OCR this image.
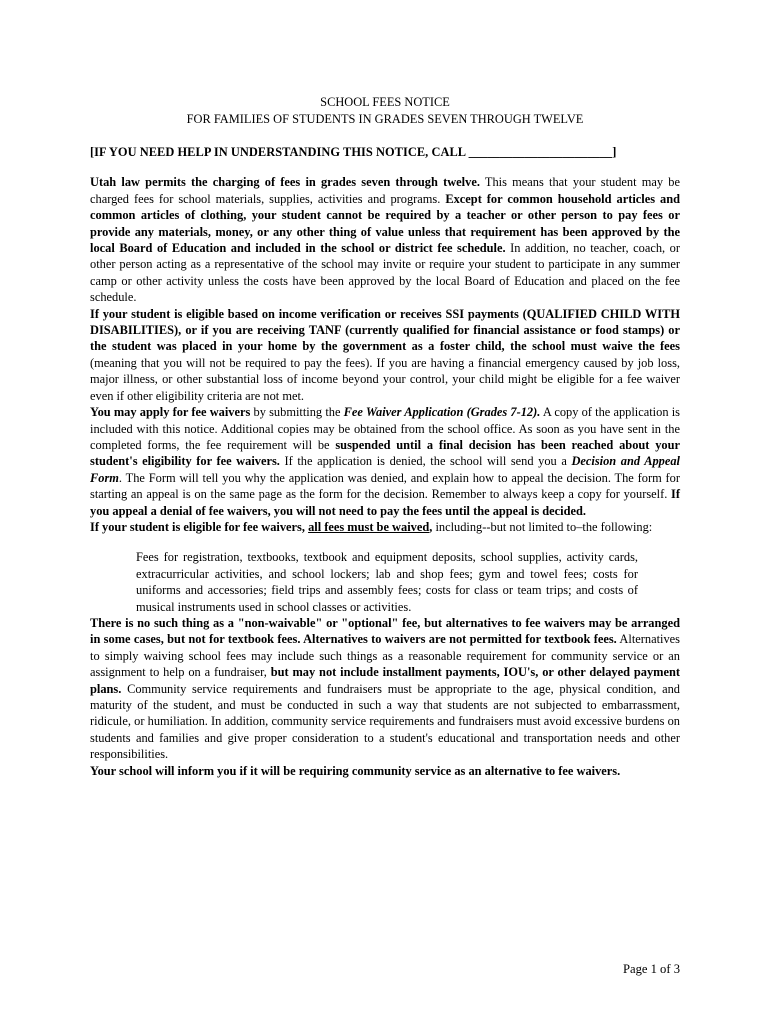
SCHOOL FEES NOTICE

FOR FAMILIES OF STUDENTS IN GRADES SEVEN THROUGH TWELVE

[IF YOU NEED HELP IN UNDERSTANDING THIS NOTICE, CALL _______________________]

Utah law permits the charging of fees in grades seven through twelve. This means that your student may be charged fees for school materials, supplies, activities and programs. Except for common household articles and common articles of clothing, your student cannot be required by a teacher or other person to pay fees or provide any materials, money, or any other thing of value unless that requirement has been approved by the local Board of Education and included in the school or district fee schedule. In addition, no teacher, coach, or other person acting as a representative of the school may invite or require your student to participate in any summer camp or other activity unless the costs have been approved by the local Board of Education and placed on the fee schedule.

If your student is eligible based on income verification or receives SSI payments (QUALIFIED CHILD WITH DISABILITIES), or if you are receiving TANF (currently qualified for financial assistance or food stamps) or the student was placed in your home by the government as a foster child, the school must waive the fees (meaning that you will not be required to pay the fees). If you are having a financial emergency caused by job loss, major illness, or other substantial loss of income beyond your control, your child might be eligible for a fee waiver even if other eligibility criteria are not met.

You may apply for fee waivers by submitting the Fee Waiver Application (Grades 7-12). A copy of the application is included with this notice. Additional copies may be obtained from the school office. As soon as you have sent in the completed forms, the fee requirement will be suspended until a final decision has been reached about your student's eligibility for fee waivers. If the application is denied, the school will send you a Decision and Appeal Form. The Form will tell you why the application was denied, and explain how to appeal the decision. The form for starting an appeal is on the same page as the form for the decision. Remember to always keep a copy for yourself. If you appeal a denial of fee waivers, you will not need to pay the fees until the appeal is decided.

If your student is eligible for fee waivers, all fees must be waived, including--but not limited to–the following:

Fees for registration, textbooks, textbook and equipment deposits, school supplies, activity cards, extracurricular activities, and school lockers; lab and shop fees; gym and towel fees; costs for uniforms and accessories; field trips and assembly fees; costs for class or team trips; and costs of musical instruments used in school classes or activities.

There is no such thing as a "non-waivable" or "optional" fee, but alternatives to fee waivers may be arranged in some cases, but not for textbook fees. Alternatives to waivers are not permitted for textbook fees. Alternatives to simply waiving school fees may include such things as a reasonable requirement for community service or an assignment to help on a fundraiser, but may not include installment payments, IOU's, or other delayed payment plans. Community service requirements and fundraisers must be appropriate to the age, physical condition, and maturity of the student, and must be conducted in such a way that students are not subjected to embarrassment, ridicule, or humiliation. In addition, community service requirements and fundraisers must avoid excessive burdens on students and families and give proper consideration to a student's educational and transportation needs and other responsibilities.

Your school will inform you if it will be requiring community service as an alternative to fee waivers.

Page 1 of 3
